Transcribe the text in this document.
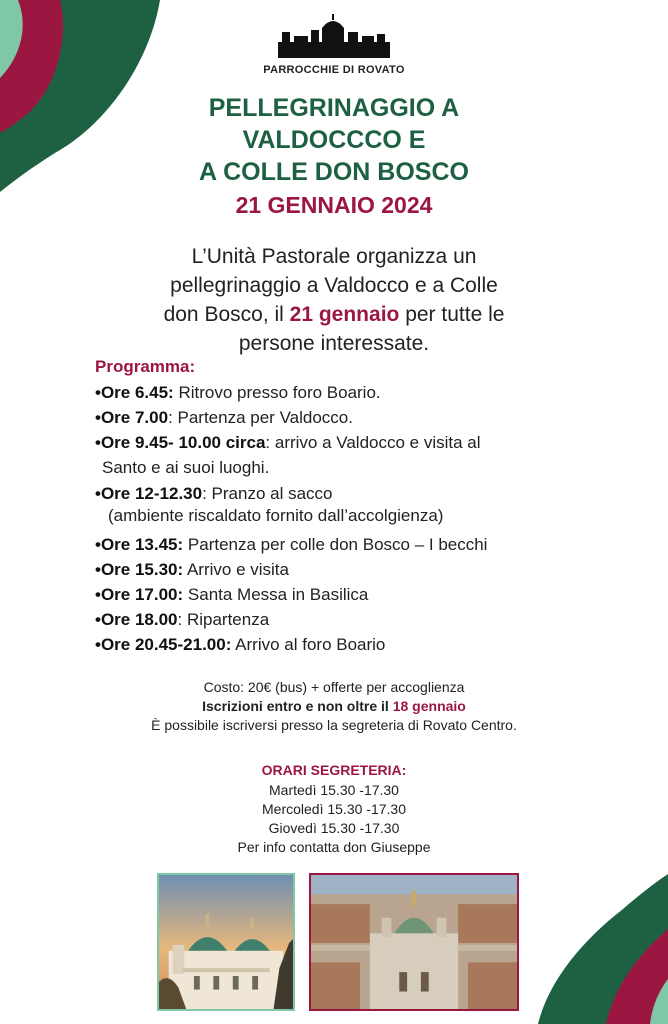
PARROCCHIE DI ROVATO
PELLEGRINAGGIO A
VALDOCCCO E
A COLLE DON BOSCO
21 GENNAIO 2024
L’Unità Pastorale organizza un
pellegrinaggio a Valdocco e a Colle
don Bosco, il 21 gennaio per tutte le
persone interessate.
Programma:
•Ore 6.45: Ritrovo presso foro Boario.
•Ore 7.00: Partenza per Valdocco.
•Ore 9.45- 10.00 circa: arrivo a Valdocco e visita al
Santo e ai suoi luoghi.
•Ore 12-12.30: Pranzo al sacco
(ambiente riscaldato fornito dall’accolgienza)
•Ore 13.45: Partenza per colle don Bosco – I becchi
•Ore 15.30: Arrivo e visita
•Ore 17.00: Santa Messa in Basilica
•Ore 18.00: Ripartenza
•Ore 20.45-21.00: Arrivo al foro Boario
Costo: 20€ (bus) + offerte per accoglienza
Iscrizioni entro e non oltre il 18 gennaio
È possibile iscriversi presso la segreteria di Rovato Centro.
ORARI SEGRETERIA:
Martedì 15.30 -17.30
Mercoledì 15.30 -17.30
Giovedì 15.30 -17.30
Per info contatta don Giuseppe
